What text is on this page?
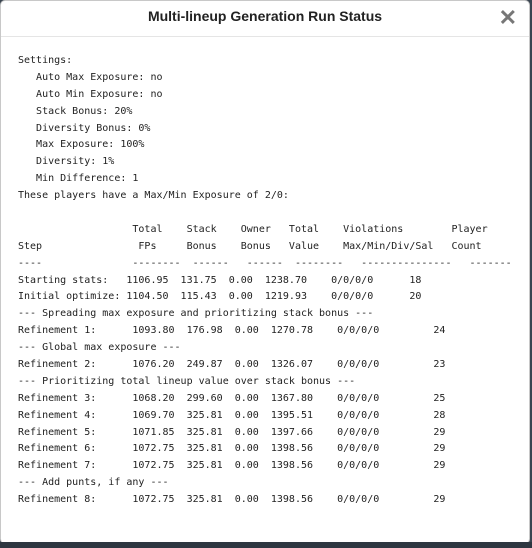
Multi-lineup Generation Run Status	✕
Settings:
Auto Max Exposure: no
Auto Min Exposure: no
Stack Bonus: 20%
Diversity Bonus: 0%
Max Exposure: 100%
Diversity: 1%
Min Difference: 1
These players have a Max/Min Exposure of 2/0:
Total    Stack    Owner   Total    Violations        Player
Step                FPs     Bonus    Bonus   Value    Max/Min/Div/Sal   Count
----               --------  ------   ------  --------   ---------------   -------
Starting stats:   1106.95  131.75  0.00  1238.70    0/0/0/0      18
Initial optimize: 1104.50  115.43  0.00  1219.93    0/0/0/0      20
--- Spreading max exposure and prioritizing stack bonus ---
Refinement 1:      1093.80  176.98  0.00  1270.78    0/0/0/0         24
--- Global max exposure ---
Refinement 2:      1076.20  249.87  0.00  1326.07    0/0/0/0         23
--- Prioritizing total lineup value over stack bonus ---
Refinement 3:      1068.20  299.60  0.00  1367.80    0/0/0/0         25
Refinement 4:      1069.70  325.81  0.00  1395.51    0/0/0/0         28
Refinement 5:      1071.85  325.81  0.00  1397.66    0/0/0/0         29
Refinement 6:      1072.75  325.81  0.00  1398.56    0/0/0/0         29
Refinement 7:      1072.75  325.81  0.00  1398.56    0/0/0/0         29
--- Add punts, if any ---
Refinement 8:      1072.75  325.81  0.00  1398.56    0/0/0/0         29
